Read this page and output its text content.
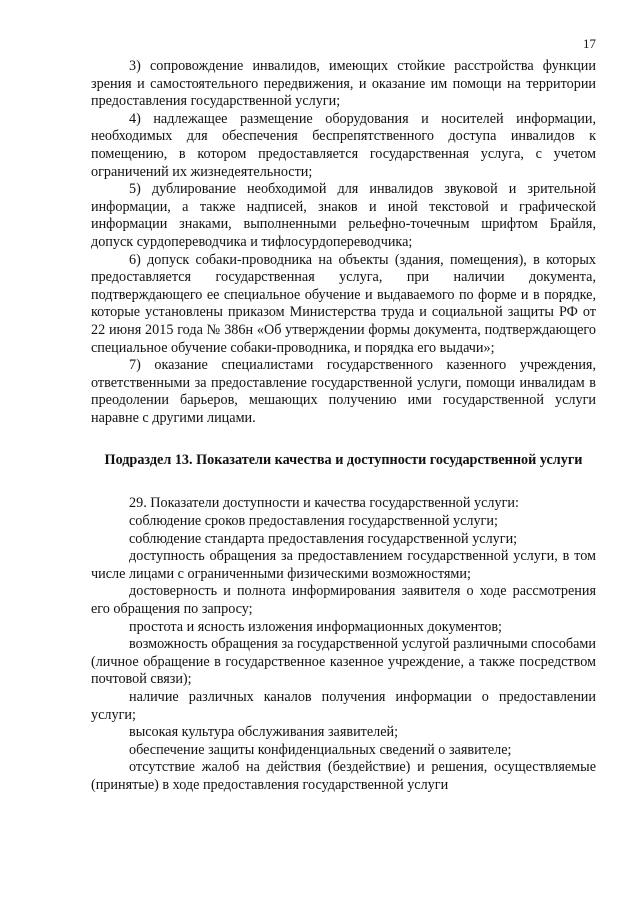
17

3) сопровождение инвалидов, имеющих стойкие расстройства функции зрения и самостоятельного передвижения, и оказание им помощи на территории предоставления государственной услуги;

4) надлежащее размещение оборудования и носителей информации, необходимых для обеспечения беспрепятственного доступа инвалидов к помещению, в котором предоставляется государственная услуга, с учетом ограничений их жизнедеятельности;

5) дублирование необходимой для инвалидов звуковой и зрительной информации, а также надписей, знаков и иной текстовой и графической информации знаками, выполненными рельефно-точечным шрифтом Брайля, допуск сурдопереводчика и тифлосурдопереводчика;

6) допуск собаки-проводника на объекты (здания, помещения), в которых предоставляется государственная услуга, при наличии документа, подтверждающего ее специальное обучение и выдаваемого по форме и в порядке, которые установлены приказом Министерства труда и социальной защиты РФ от 22 июня 2015 года № 386н «Об утверждении формы документа, подтверждающего специальное обучение собаки-проводника, и порядка его выдачи»;

7) оказание специалистами государственного казенного учреждения, ответственными за предоставление государственной услуги, помощи инвалидам в преодолении барьеров, мешающих получению ими государственной услуги наравне с другими лицами.

Подраздел 13. Показатели качества и доступности государственной услуги

29. Показатели доступности и качества государственной услуги:

соблюдение сроков предоставления государственной услуги;

соблюдение стандарта предоставления государственной услуги;

доступность обращения за предоставлением государственной услуги, в том числе лицами с ограниченными физическими возможностями;

достоверность и полнота информирования заявителя о ходе рассмотрения его обращения по запросу;

простота и ясность изложения информационных документов;

возможность обращения за государственной услугой различными способами (личное обращение в государственное казенное учреждение, а также посредством почтовой связи);

наличие различных каналов получения информации о предоставлении услуги;

высокая культура обслуживания заявителей;

обеспечение защиты конфиденциальных сведений о заявителе;

отсутствие жалоб на действия (бездействие) и решения, осуществляемые (принятые) в ходе предоставления государственной услуги
